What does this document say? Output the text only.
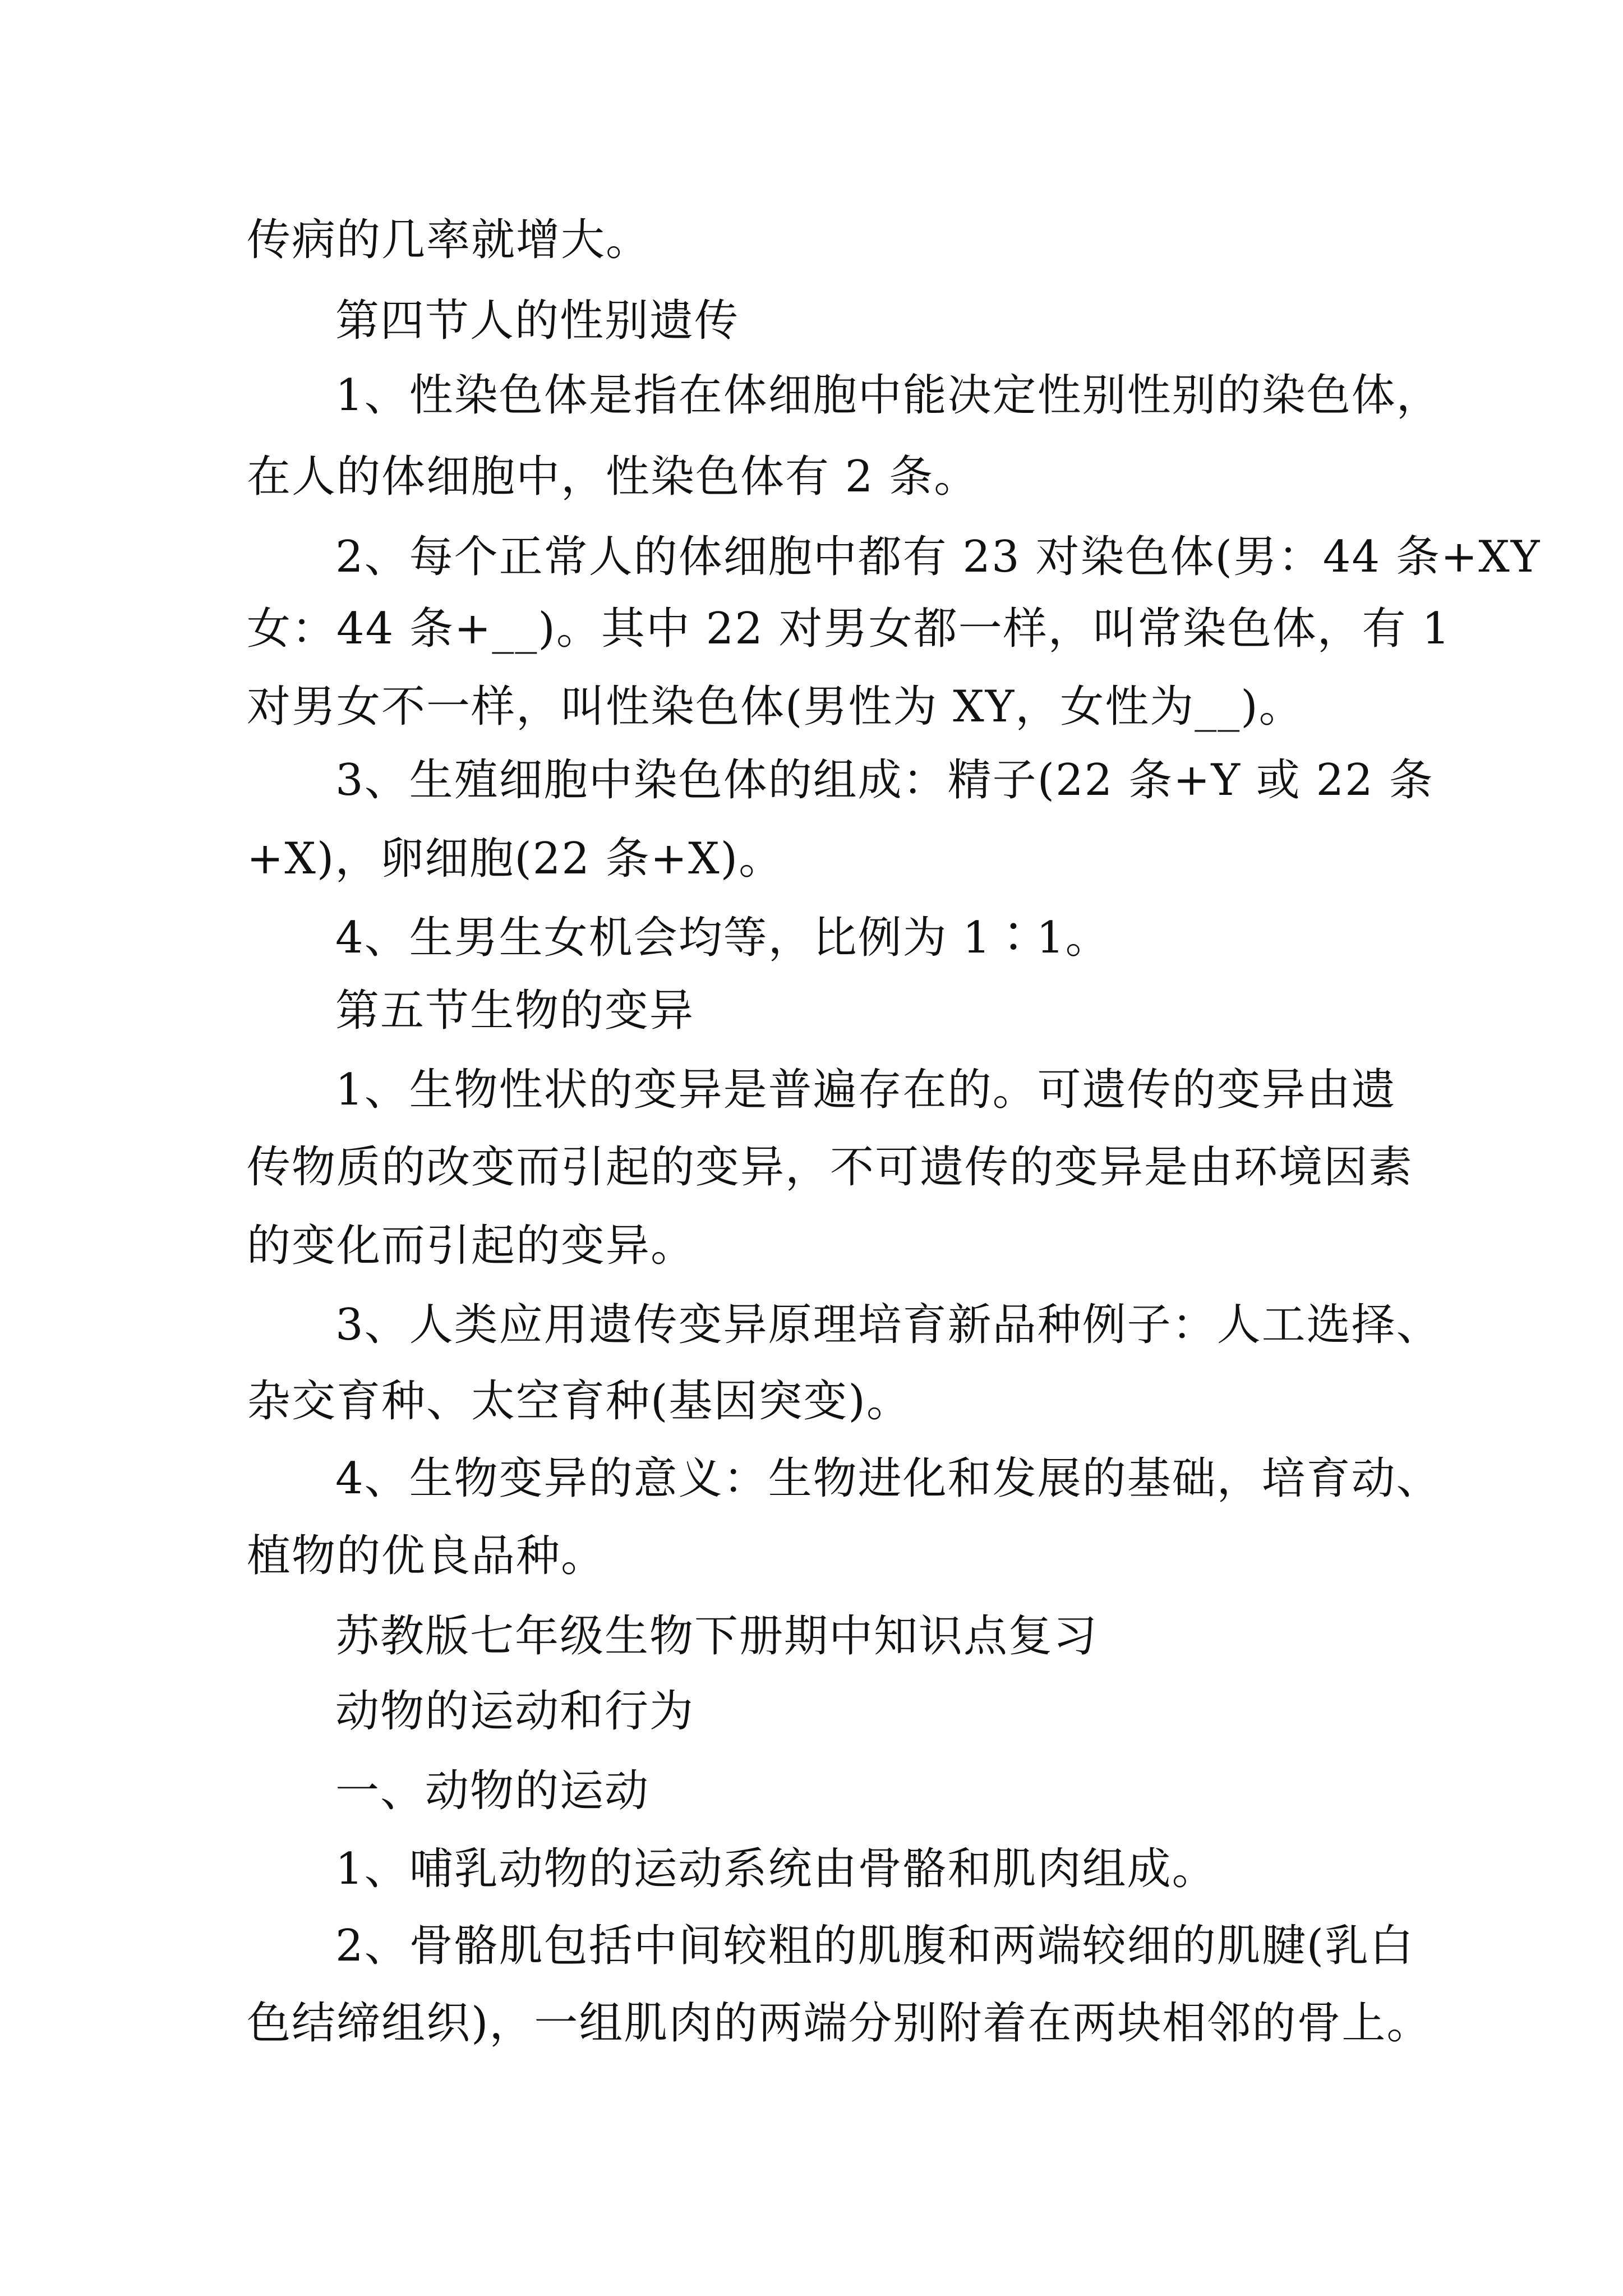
传病的几率就增大。
第四节人的性别遗传
1、性染色体是指在体细胞中能决定性别性别的染色体，
在人的体细胞中，性染色体有 2 条。
2、每个正常人的体细胞中都有 23 对染色体(男：44 条+XY
女：44 条+__)。其中 22 对男女都一样，叫常染色体，有 1
对男女不一样，叫性染色体(男性为 XY，女性为__)。
3、生殖细胞中染色体的组成：精子(22 条+Y 或 22 条
+X)，卵细胞(22 条+X)。
4、生男生女机会均等，比例为 1∶1。
第五节生物的变异
1、生物性状的变异是普遍存在的。可遗传的变异由遗
传物质的改变而引起的变异，不可遗传的变异是由环境因素
的变化而引起的变异。
3、人类应用遗传变异原理培育新品种例子：人工选择、
杂交育种、太空育种(基因突变)。
4、生物变异的意义：生物进化和发展的基础，培育动、
植物的优良品种。
苏教版七年级生物下册期中知识点复习
动物的运动和行为
一、动物的运动
1、哺乳动物的运动系统由骨骼和肌肉组成。
2、骨骼肌包括中间较粗的肌腹和两端较细的肌腱(乳白
色结缔组织)，一组肌肉的两端分别附着在两块相邻的骨上。
